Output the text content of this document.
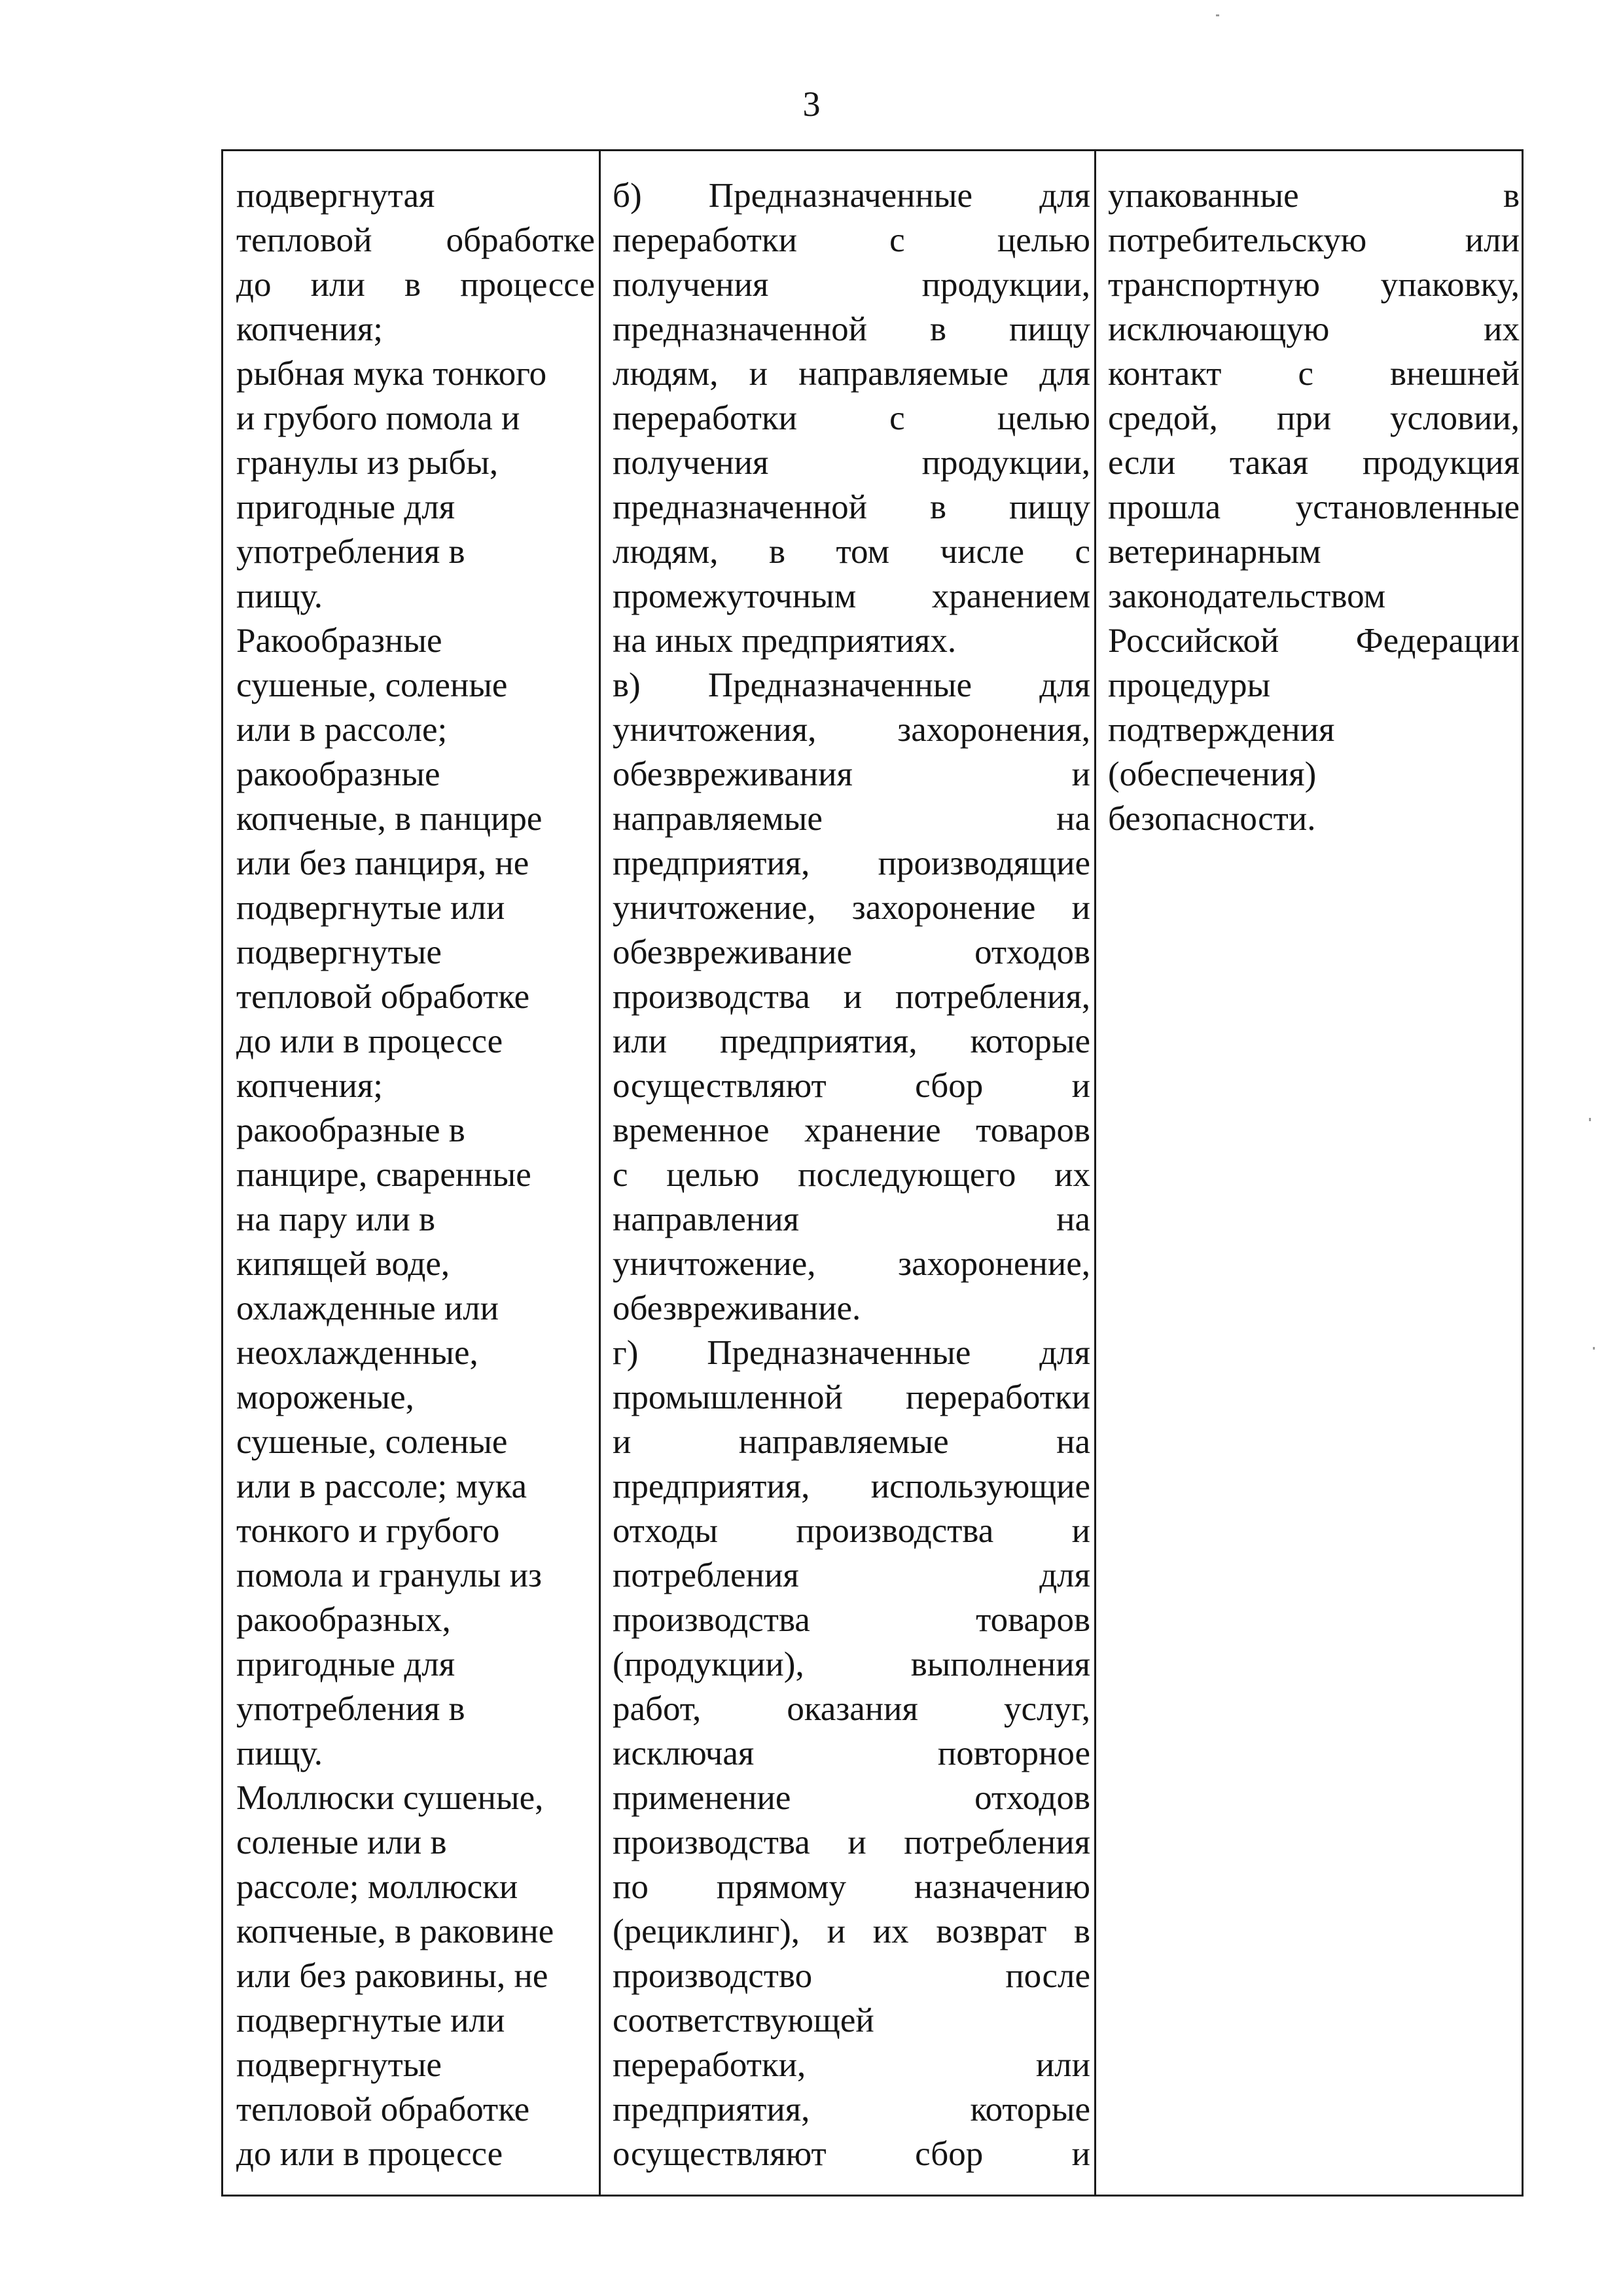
3
подвергнутая
тепловой обработке
до или в процессе
копчения;
рыбная мука тонкого
и грубого помола и
гранулы из рыбы,
пригодные для
употребления в
пищу.
Ракообразные
сушеные, соленые
или в рассоле;
ракообразные
копченые, в панцире
или без панциря, не
подвергнутые или
подвергнутые
тепловой обработке
до или в процессе
копчения;
ракообразные в
панцире, сваренные
на пару или в
кипящей воде,
охлажденные или
неохлажденные,
мороженые,
сушеные, соленые
или в рассоле; мука
тонкого и грубого
помола и гранулы из
ракообразных,
пригодные для
употребления в
пищу.
Моллюски сушеные,
соленые или в
рассоле; моллюски
копченые, в раковине
или без раковины, не
подвергнутые или
подвергнутые
тепловой обработке
до или в процессе
б) Предназначенные для
переработки с целью
получения продукции,
предназначенной в пищу
людям, и направляемые для
переработки с целью
получения продукции,
предназначенной в пищу
людям, в том числе с
промежуточным хранением
на иных предприятиях.
в) Предназначенные для
уничтожения, захоронения,
обезвреживания и
направляемые на
предприятия, производящие
уничтожение, захоронение и
обезвреживание отходов
производства и потребления,
или предприятия, которые
осуществляют сбор и
временное хранение товаров
с целью последующего их
направления на
уничтожение, захоронение,
обезвреживание.
г) Предназначенные для
промышленной переработки
и направляемые на
предприятия, использующие
отходы производства и
потребления для
производства товаров
(продукции), выполнения
работ, оказания услуг,
исключая повторное
применение отходов
производства и потребления
по прямому назначению
(рециклинг), и их возврат в
производство после
соответствующей
переработки, или
предприятия, которые
осуществляют сбор и
упакованные в
потребительскую или
транспортную упаковку,
исключающую их
контакт с внешней
средой, при условии,
если такая продукция
прошла установленные
ветеринарным
законодательством
Российской Федерации
процедуры
подтверждения
(обеспечения)
безопасности.
